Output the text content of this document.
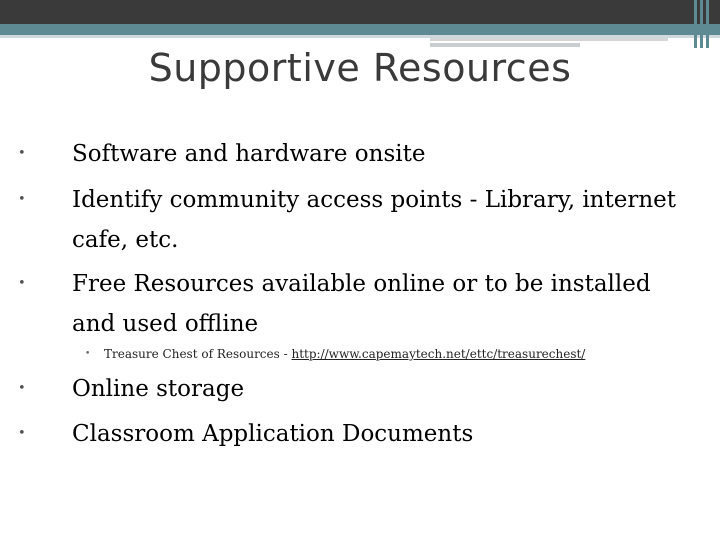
Supportive Resources
• Software and hardware onsite
• Identify community access points - Library, internet cafe, etc.
• Free Resources available online or to be installed and used offline
• Treasure Chest of Resources - http://www.capemaytech.net/ettc/treasurechest/
• Online storage
• Classroom Application Documents
